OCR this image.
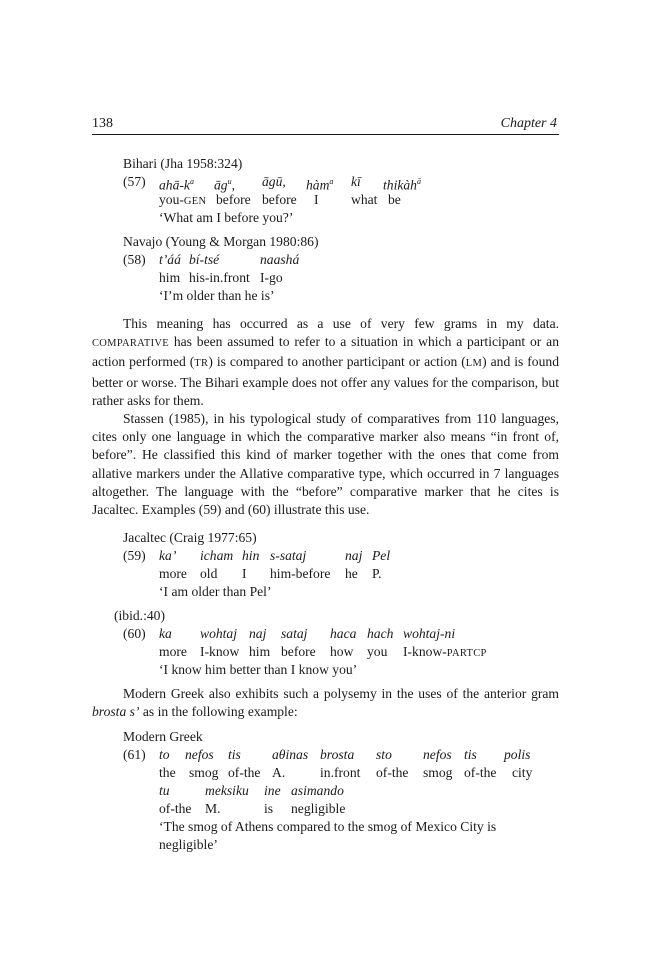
138	Chapter 4
Bihari (Jha 1958:324)
(57) ahā-$k^a$ $āg^u$, āgū, hàm$^a$ kī thikàh$^ā$
you-GEN before before I what be
‘What am I before you?’
Navajo (Young & Morgan 1980:86)
(58) t’áá bí-tsé	naashá
him his-in.front I-go
‘I’m older than he is’

This meaning has occurred as a use of very few grams in my data. COMPARATIVE has been assumed to refer to a situation in which a participant or an action performed (TR) is compared to another participant or action (LM) and is found better or worse. The Bihari example does not offer any values for the comparison, but rather asks for them.

Stassen (1985), in his typological study of comparatives from 110 languages, cites only one language in which the comparative marker also means “in front of, before”. He classified this kind of marker together with the ones that come from allative markers under the Allative comparative type, which occurred in 7 languages altogether. The language with the “before” comparative marker that he cites is Jacaltec. Examples (59) and (60) illustrate this use.

Jacaltec (Craig 1977:65)
(59) ka’ icham hin s-sataj	naj Pel
more old I him-before he P.
‘I am older than Pel’
(ibid.:40)
(60) ka wohtaj naj sataj haca hach wohtaj-ni
more I-know him before how you I-know-PARTCP
‘I know him better than I know you’

Modern Greek also exhibits such a polysemy in the uses of the anterior gram brosta s’ as in the following example:

Modern Greek
(61) to nefos tis aθinas brosta sto nefos tis polis
the smog of-the A.	in.front of-the smog of-the city
tu	meksiku ine asimando
of-the M.	is negligible
‘The smog of Athens compared to the smog of Mexico City is
negligible’
